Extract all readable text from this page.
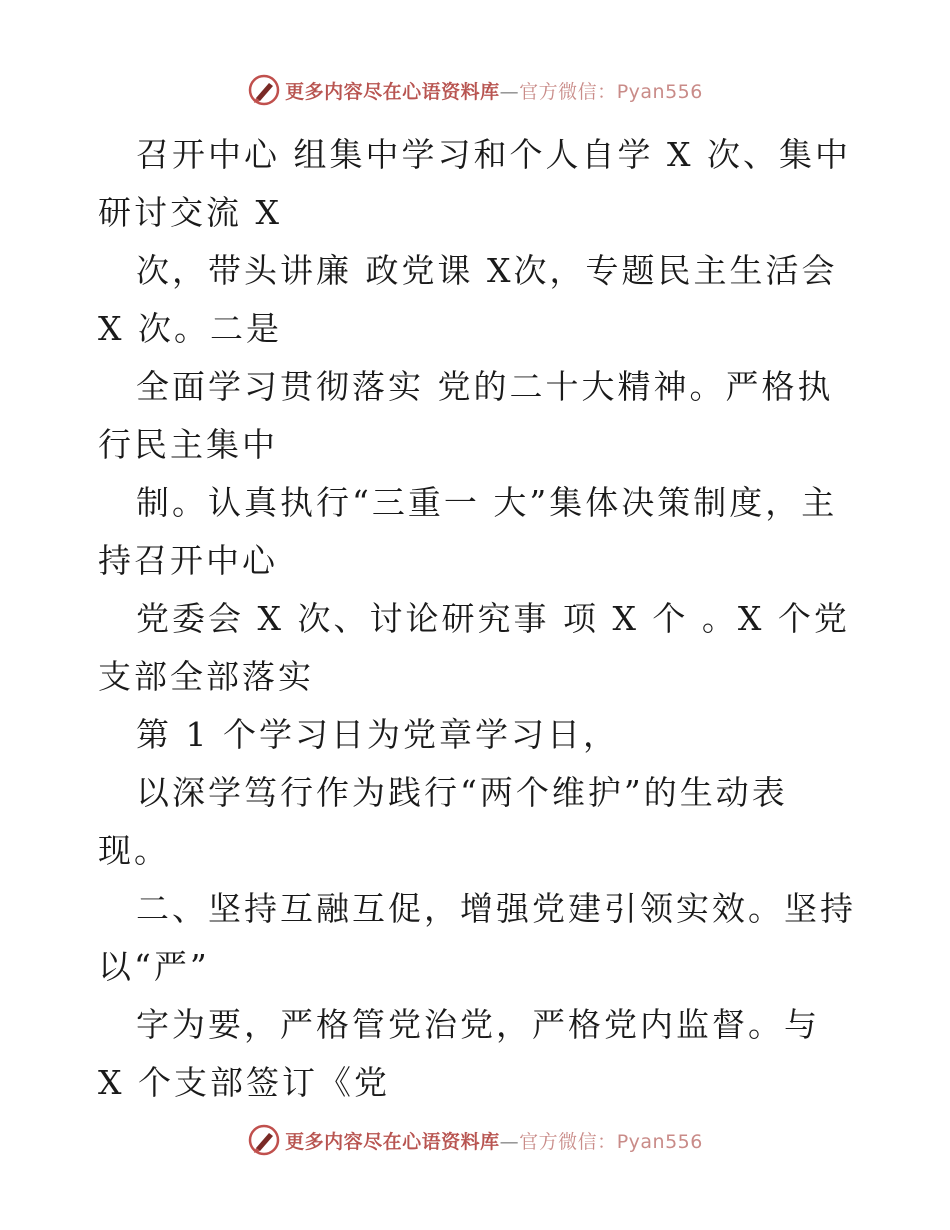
更多内容尽在心语资料库—官方微信：Pyan556

召开中心 组集中学习和个人自学 X 次、集中研讨交流 X

次，带头讲廉 政党课 X次，专题民主生活会 X 次。二是

全面学习贯彻落实 党的二十大精神。严格执行民主集中

制。认真执行“三重一 大”集体决策制度，主持召开中心

党委会 X 次、讨论研究事 项 X 个 。X 个党支部全部落实

第 1 个学习日为党章学习日，

以深学笃行作为践行“两个维护”的生动表现。

二、坚持互融互促，增强党建引领实效。坚持以“严”

字为要，严格管党治党，严格党内监督。与 X 个支部签订《党

更多内容尽在心语资料库—官方微信：Pyan556
